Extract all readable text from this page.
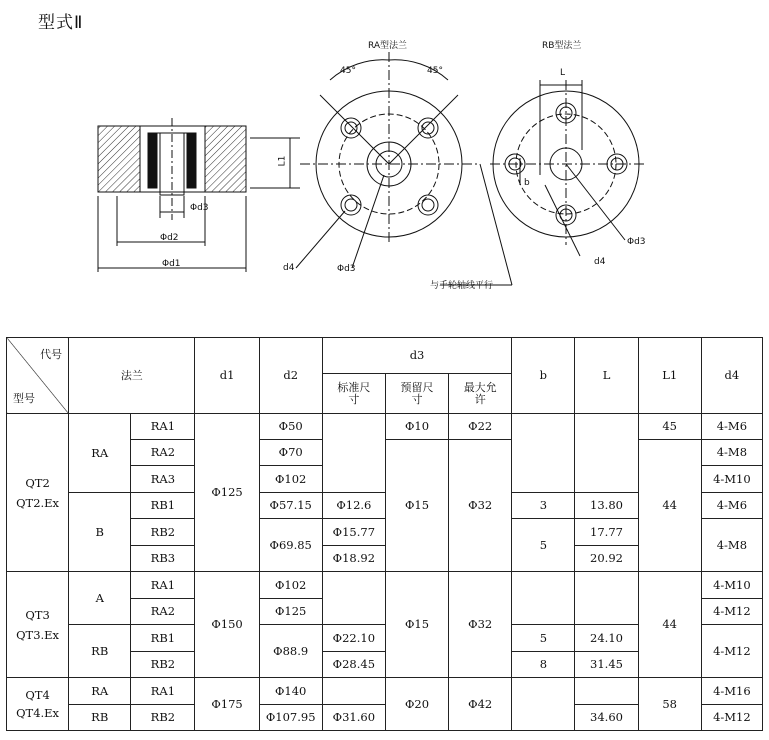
型式Ⅱ
RA型法兰	RB型法兰
45°	45°
L1
Φd3
Φd2
Φd1	d4	Φd3
与手轮轴线平行
L
b
Φd3
d4
代号
型号	法兰		d1	d2	d3			b	L	L1	d4
					标准尺寸	预留尺寸	最大允许				
QT2
QT2.Ex	RA	RA1	Φ125	Φ50		Φ10	Φ22			45	4-M6
		RA2		Φ70		Φ15	Φ32			44	4-M8
		RA3		Φ102							4-M10
	B	RB1		Φ57.15	Φ12.6			3	13.80		4-M6
		RB2		Φ69.85	Φ15.77			5	17.77		4-M8
		RB3			Φ18.92				20.92		
QT3
QT3.Ex	A	RA1	Φ150	Φ102		Φ15	Φ32			44	4-M10
		RA2		Φ125							4-M12
	RB	RB1		Φ88.9	Φ22.10			5	24.10		4-M12
		RB2			Φ28.45			8	31.45		
QT4
QT4.Ex	RA	RA1	Φ175	Φ140		Φ20	Φ42			58	4-M16
	RB	RB2		Φ107.95	Φ31.60				34.60		4-M12
